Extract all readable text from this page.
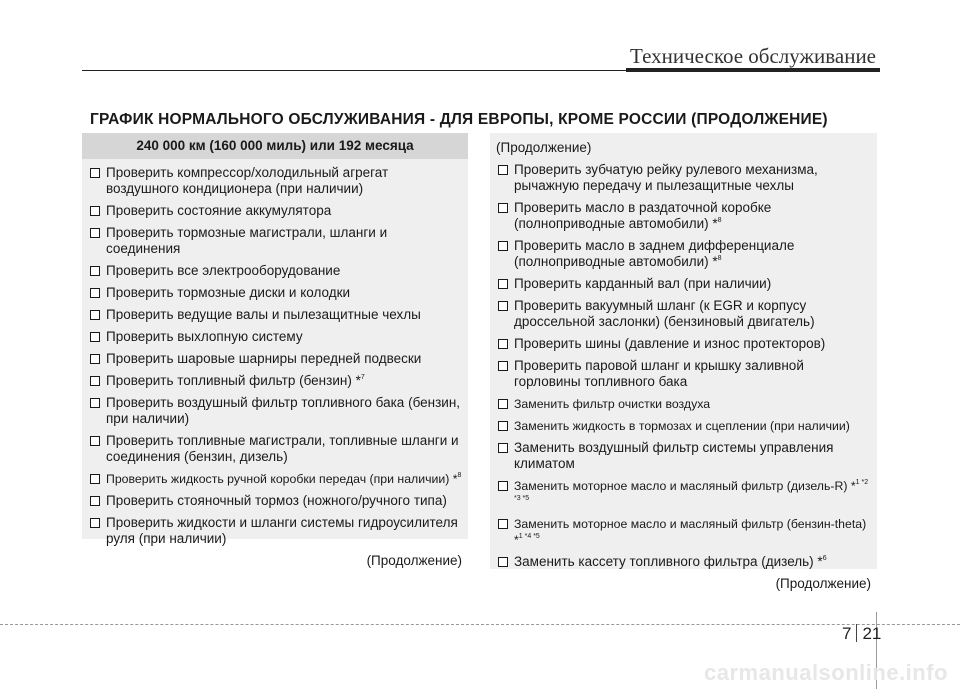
Техническое обслуживание
ГРАФИК НОРМАЛЬНОГО ОБСЛУЖИВАНИЯ - ДЛЯ ЕВРОПЫ, КРОМЕ РОССИИ (ПРОДОЛЖЕНИЕ)
240 000 км (160 000 миль) или 192 месяца
Проверить компрессор/холодильный агрегат воздушного кондиционера (при наличии)
Проверить состояние аккумулятора
Проверить тормозные магистрали, шланги и соединения
Проверить все электрооборудование
Проверить тормозные диски и колодки
Проверить ведущие валы и пылезащитные чехлы
Проверить выхлопную систему
Проверить шаровые шарниры передней подвески
Проверить топливный фильтр (бензин) *$^7$
Проверить воздушный фильтр топливного бака (бензин, при наличии)
Проверить топливные магистрали, топливные шланги и соединения (бензин, дизель)
Проверить жидкость ручной коробки передач (при наличии) *$^8$
Проверить стояночный тормоз (ножного/ручного типа)
Проверить жидкости и шланги системы гидроусилителя руля (при наличии)
(Продолжение)
(Продолжение)
Проверить зубчатую рейку рулевого механизма, рычажную передачу и пылезащитные чехлы
Проверить масло в раздаточной коробке (полноприводные автомобили) *$^8$
Проверить масло в заднем дифференциале (полноприводные автомобили) *$^8$
Проверить карданный вал (при наличии)
Проверить вакуумный шланг (к EGR и корпусу дроссельной заслонки) (бензиновый двигатель)
Проверить шины (давление и износ протекторов)
Проверить паровой шланг и крышку заливной горловины топливного бака
Заменить фильтр очистки воздуха
Заменить жидкость в тормозах и сцеплении (при наличии)
Заменить воздушный фильтр системы управления климатом
Заменить моторное масло и масляный фильтр (дизель-R) *$^{1 *2 *3 *5}$
Заменить моторное масло и масляный фильтр (бензин-theta) *$^{1 *4 *5}$
Заменить кассету топливного фильтра (дизель) *$^6$
(Продолжение)
7 21
carmanualsonline.info
